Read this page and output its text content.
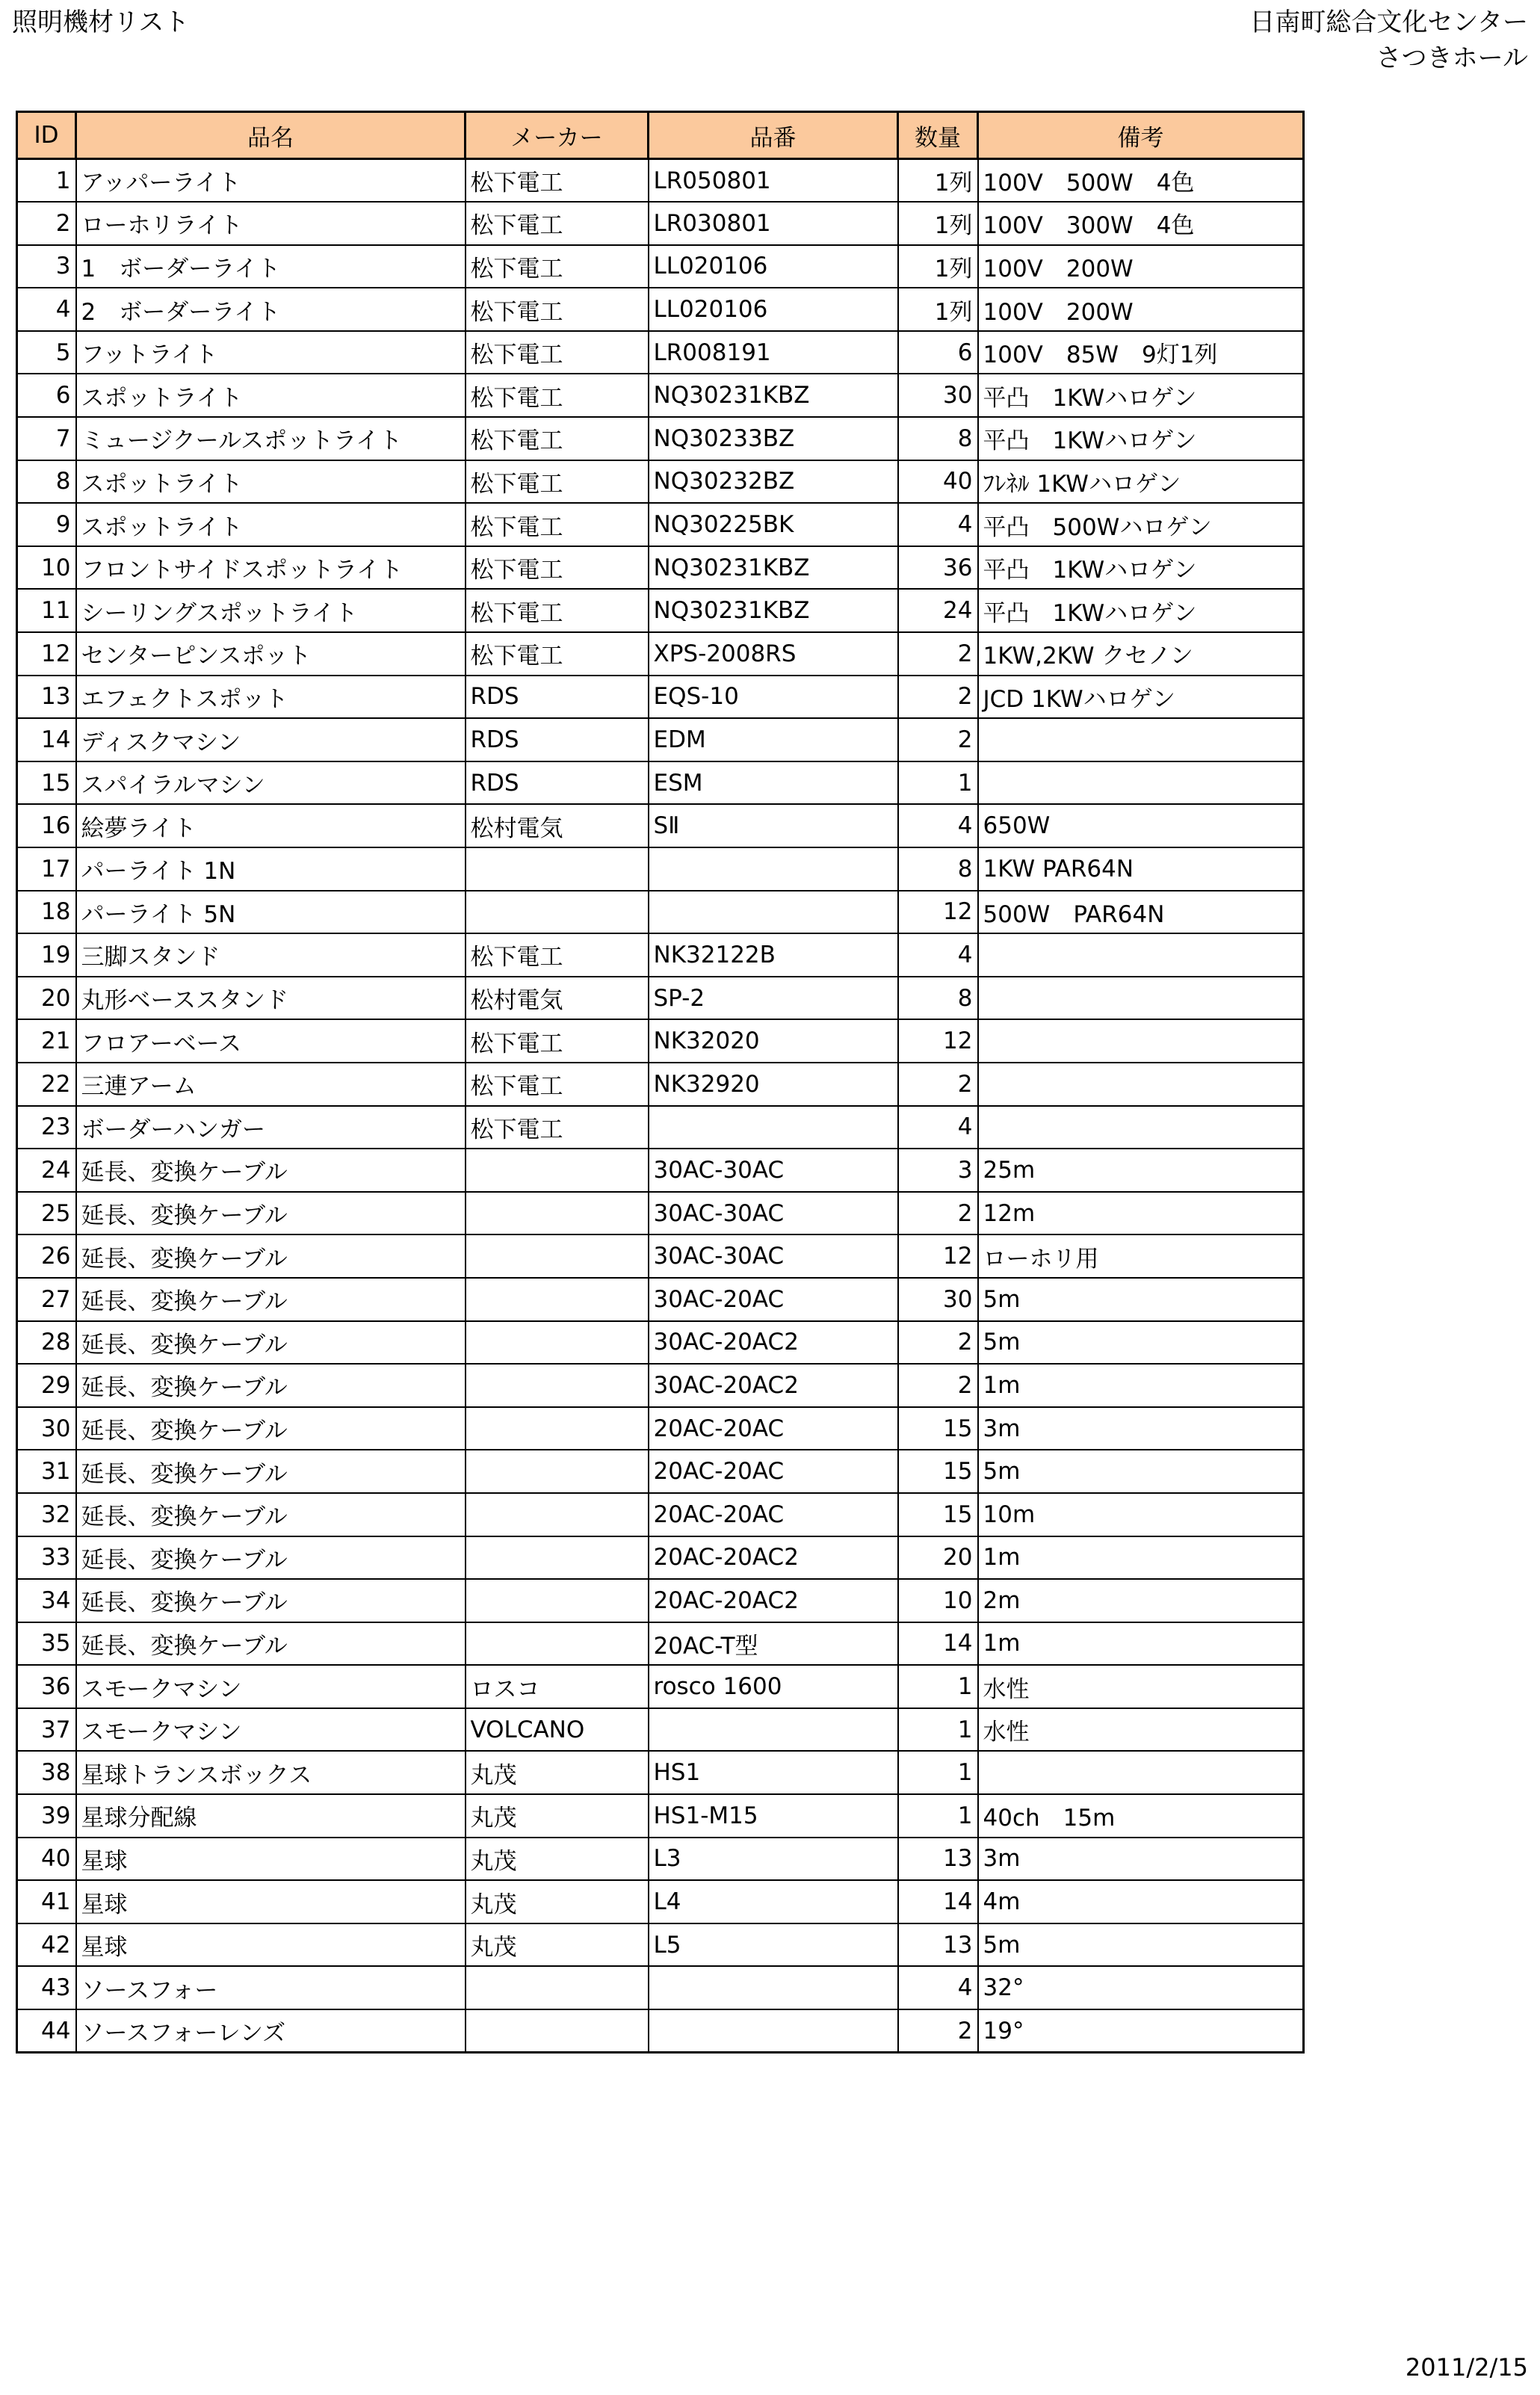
照明機材リスト	日南町総合文化センター
さつきホール
ID	品名	メーカー	品番	数量	備考
1	アッパーライト	松下電工	LR050801	1列	100V　500W　4色
2	ローホリライト	松下電工	LR030801	1列	100V　300W　4色
3	1　ボーダーライト	松下電工	LL020106	1列	100V　200W
4	2　ボーダーライト	松下電工	LL020106	1列	100V　200W
5	フットライト	松下電工	LR008191	6	100V　85W　9灯1列
6	スポットライト	松下電工	NQ30231KBZ	30	平凸　1KWハロゲン
7	ミュージクールスポットライト	松下電工	NQ30233BZ	8	平凸　1KWハロゲン
8	スポットライト	松下電工	NQ30232BZ	40	ﾌﾚﾈﾙ 1KWハロゲン
9	スポットライト	松下電工	NQ30225BK	4	平凸　500Wハロゲン
10	フロントサイドスポットライト	松下電工	NQ30231KBZ	36	平凸　1KWハロゲン
11	シーリングスポットライト	松下電工	NQ30231KBZ	24	平凸　1KWハロゲン
12	センターピンスポット	松下電工	XPS-2008RS	2	1KW,2KW クセノン
13	エフェクトスポット	RDS	EQS-10	2	JCD 1KWハロゲン
14	ディスクマシン	RDS	EDM	2	
15	スパイラルマシン	RDS	ESM	1	
16	絵夢ライト	松村電気	SⅡ	4	650W
17	パーライト 1N			8	1KW PAR64N
18	パーライト 5N			12	500W　PAR64N
19	三脚スタンド	松下電工	NK32122B	4	
20	丸形ベーススタンド	松村電気	SP-2	8	
21	フロアーベース	松下電工	NK32020	12	
22	三連アーム	松下電工	NK32920	2	
23	ボーダーハンガー	松下電工		4	
24	延長、変換ケーブル		30AC-30AC	3	25m
25	延長、変換ケーブル		30AC-30AC	2	12m
26	延長、変換ケーブル		30AC-30AC	12	ローホリ用
27	延長、変換ケーブル		30AC-20AC	30	5m
28	延長、変換ケーブル		30AC-20AC2	2	5m
29	延長、変換ケーブル		30AC-20AC2	2	1m
30	延長、変換ケーブル		20AC-20AC	15	3m
31	延長、変換ケーブル		20AC-20AC	15	5m
32	延長、変換ケーブル		20AC-20AC	15	10m
33	延長、変換ケーブル		20AC-20AC2	20	1m
34	延長、変換ケーブル		20AC-20AC2	10	2m
35	延長、変換ケーブル		20AC-T型	14	1m
36	スモークマシン	ロスコ	rosco 1600	1	水性
37	スモークマシン	VOLCANO		1	水性
38	星球トランスボックス	丸茂	HS1	1	
39	星球分配線	丸茂	HS1-M15	1	40ch　15m
40	星球	丸茂	L3	13	3m
41	星球	丸茂	L4	14	4m
42	星球	丸茂	L5	13	5m
43	ソースフォー			4	32°
44	ソースフォーレンズ			2	19°
2011/2/15
